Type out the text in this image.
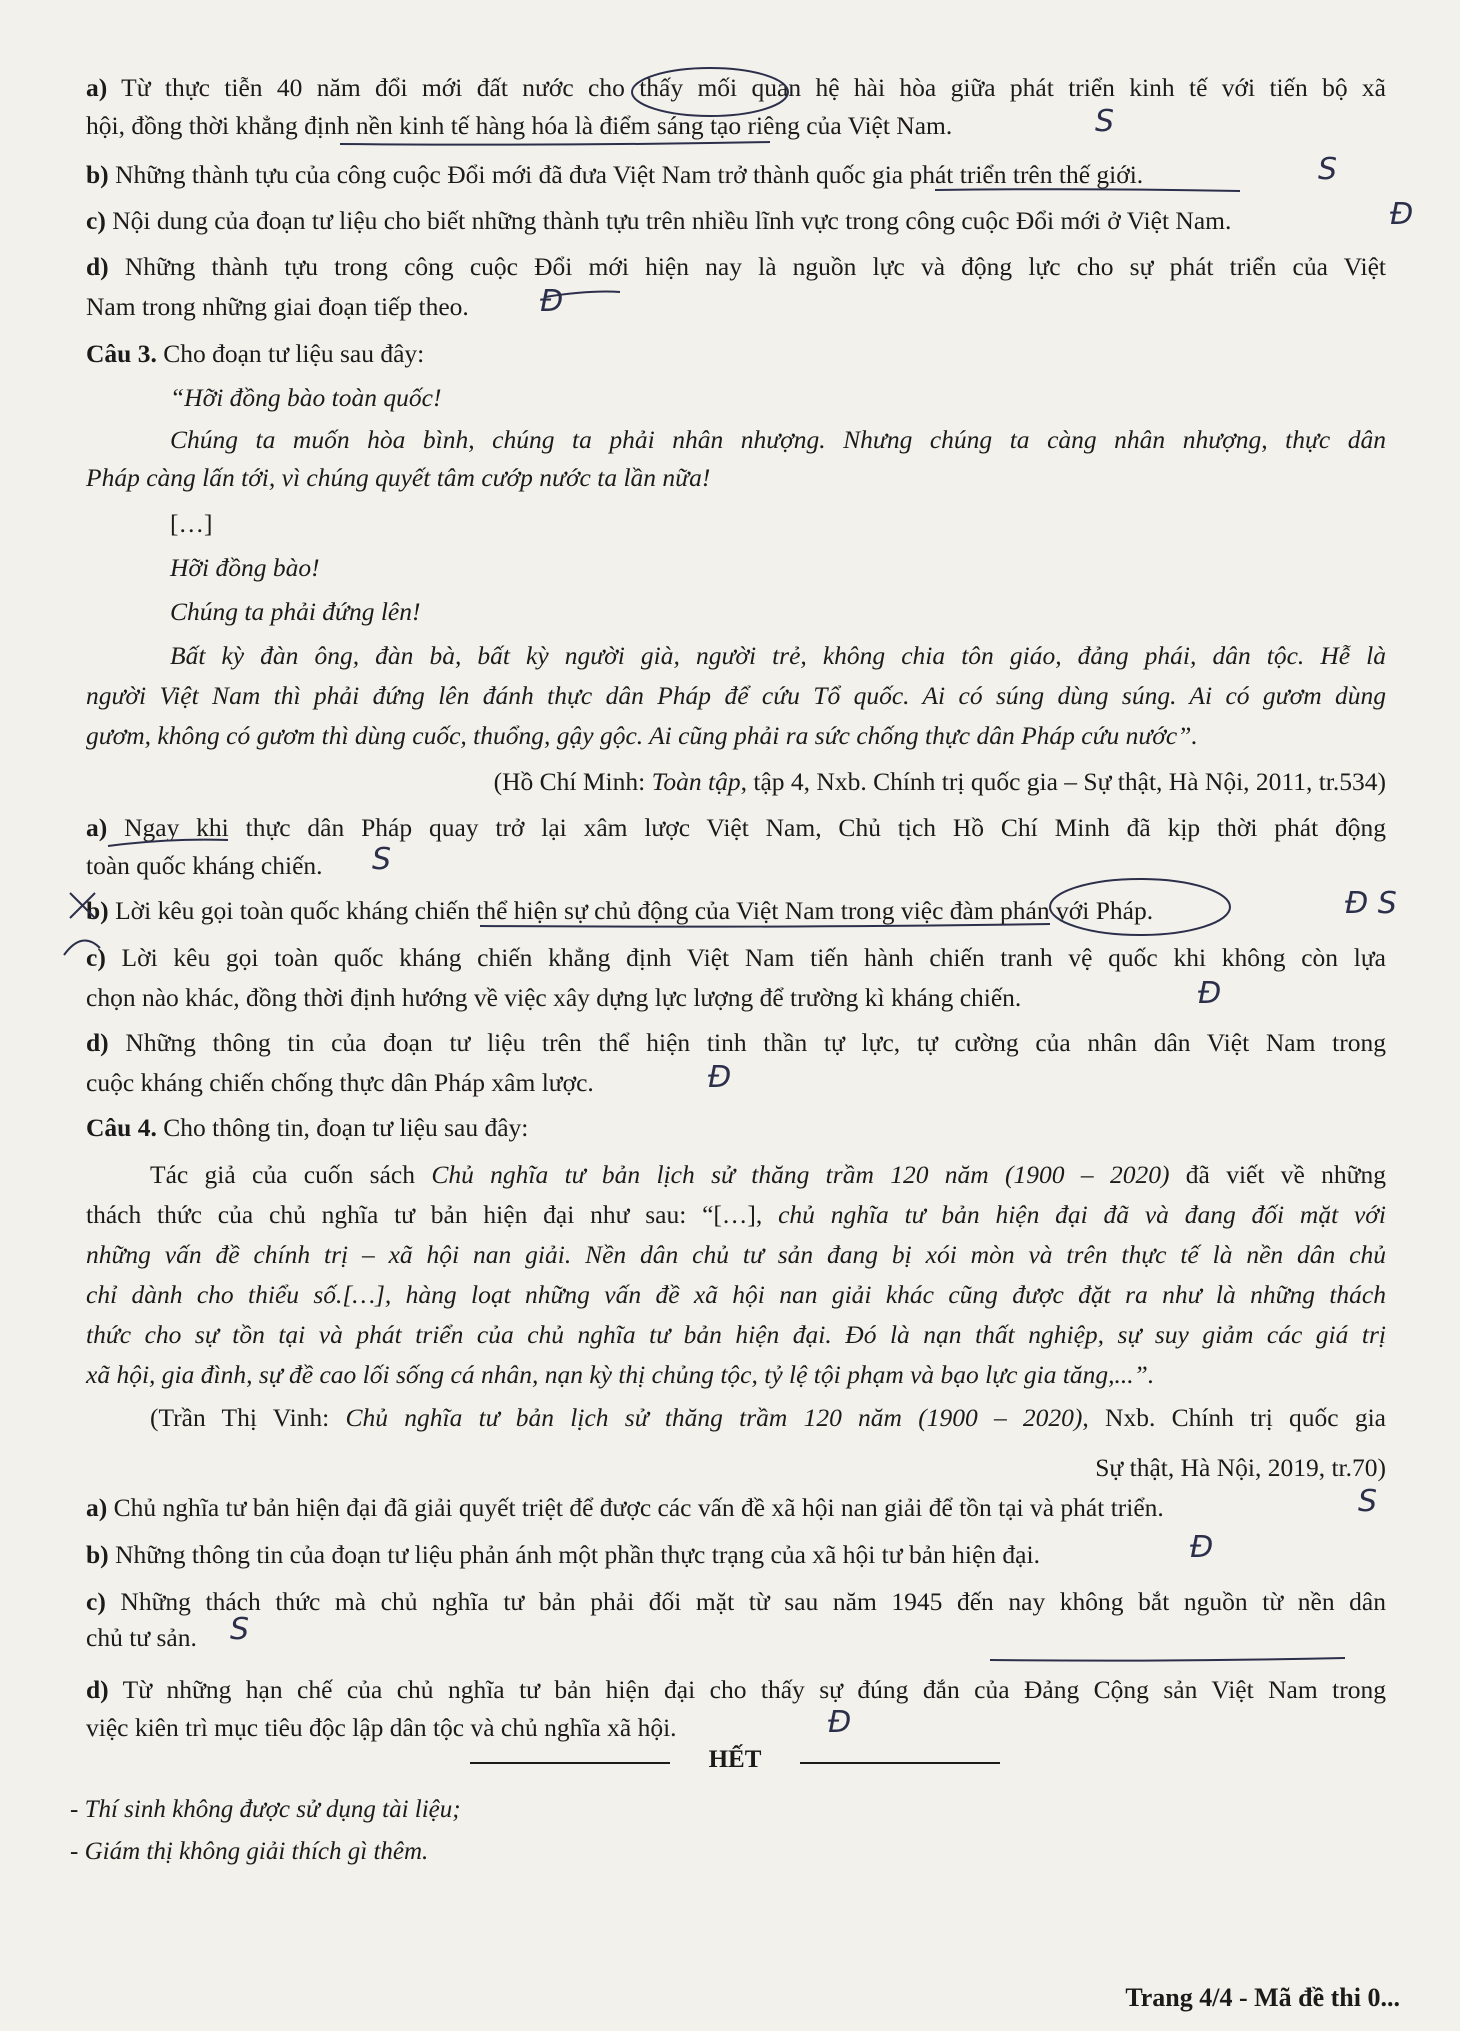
a) Từ thực tiễn 40 năm đổi mới đất nước cho thấy mối quan hệ hài hòa giữa phát triển kinh tế với tiến bộ xã
hội, đồng thời khẳng định nền kinh tế hàng hóa là điểm sáng tạo riêng của Việt Nam.
b) Những thành tựu của công cuộc Đổi mới đã đưa Việt Nam trở thành quốc gia phát triển trên thế giới.
c) Nội dung của đoạn tư liệu cho biết những thành tựu trên nhiều lĩnh vực trong công cuộc Đổi mới ở Việt Nam.
d) Những thành tựu trong công cuộc Đổi mới hiện nay là nguồn lực và động lực cho sự phát triển của Việt
Nam trong những giai đoạn tiếp theo.
Câu 3. Cho đoạn tư liệu sau đây:
“Hỡi đồng bào toàn quốc!
Chúng ta muốn hòa bình, chúng ta phải nhân nhượng. Nhưng chúng ta càng nhân nhượng, thực dân
Pháp càng lấn tới, vì chúng quyết tâm cướp nước ta lần nữa!
[…]
Hỡi đồng bào!
Chúng ta phải đứng lên!
Bất kỳ đàn ông, đàn bà, bất kỳ người già, người trẻ, không chia tôn giáo, đảng phái, dân tộc. Hễ là
người Việt Nam thì phải đứng lên đánh thực dân Pháp để cứu Tổ quốc. Ai có súng dùng súng. Ai có gươm dùng
gươm, không có gươm thì dùng cuốc, thuổng, gậy gộc. Ai cũng phải ra sức chống thực dân Pháp cứu nước”.
(Hồ Chí Minh: Toàn tập, tập 4, Nxb. Chính trị quốc gia – Sự thật, Hà Nội, 2011, tr.534)
a) Ngay khi thực dân Pháp quay trở lại xâm lược Việt Nam, Chủ tịch Hồ Chí Minh đã kịp thời phát động
toàn quốc kháng chiến.
b) Lời kêu gọi toàn quốc kháng chiến thể hiện sự chủ động của Việt Nam trong việc đàm phán với Pháp.
c) Lời kêu gọi toàn quốc kháng chiến khẳng định Việt Nam tiến hành chiến tranh vệ quốc khi không còn lựa
chọn nào khác, đồng thời định hướng về việc xây dựng lực lượng để trường kì kháng chiến.
d) Những thông tin của đoạn tư liệu trên thể hiện tinh thần tự lực, tự cường của nhân dân Việt Nam trong
cuộc kháng chiến chống thực dân Pháp xâm lược.
Câu 4. Cho thông tin, đoạn tư liệu sau đây:
Tác giả của cuốn sách Chủ nghĩa tư bản lịch sử thăng trầm 120 năm (1900 – 2020) đã viết về những
thách thức của chủ nghĩa tư bản hiện đại như sau: “[…], chủ nghĩa tư bản hiện đại đã và đang đối mặt với
những vấn đề chính trị – xã hội nan giải. Nền dân chủ tư sản đang bị xói mòn và trên thực tế là nền dân chủ
chỉ dành cho thiểu số.[…], hàng loạt những vấn đề xã hội nan giải khác cũng được đặt ra như là những thách
thức cho sự tồn tại và phát triển của chủ nghĩa tư bản hiện đại. Đó là nạn thất nghiệp, sự suy giảm các giá trị
xã hội, gia đình, sự đề cao lối sống cá nhân, nạn kỳ thị chủng tộc, tỷ lệ tội phạm và bạo lực gia tăng,...”.
(Trần Thị Vinh: Chủ nghĩa tư bản lịch sử thăng trầm 120 năm (1900 – 2020), Nxb. Chính trị quốc gia
Sự thật, Hà Nội, 2019, tr.70)
a) Chủ nghĩa tư bản hiện đại đã giải quyết triệt để được các vấn đề xã hội nan giải để tồn tại và phát triển.
b) Những thông tin của đoạn tư liệu phản ánh một phần thực trạng của xã hội tư bản hiện đại.
c) Những thách thức mà chủ nghĩa tư bản phải đối mặt từ sau năm 1945 đến nay không bắt nguồn từ nền dân
chủ tư sản.
d) Từ những hạn chế của chủ nghĩa tư bản hiện đại cho thấy sự đúng đắn của Đảng Cộng sản Việt Nam trong
việc kiên trì mục tiêu độc lập dân tộc và chủ nghĩa xã hội.
HẾT
- Thí sinh không được sử dụng tài liệu;
- Giám thị không giải thích gì thêm.
Trang 4/4 - Mã đề thi 0...
S
S
Đ
Đ
S
Đ S
Đ
Đ
S
Đ
S
Đ
